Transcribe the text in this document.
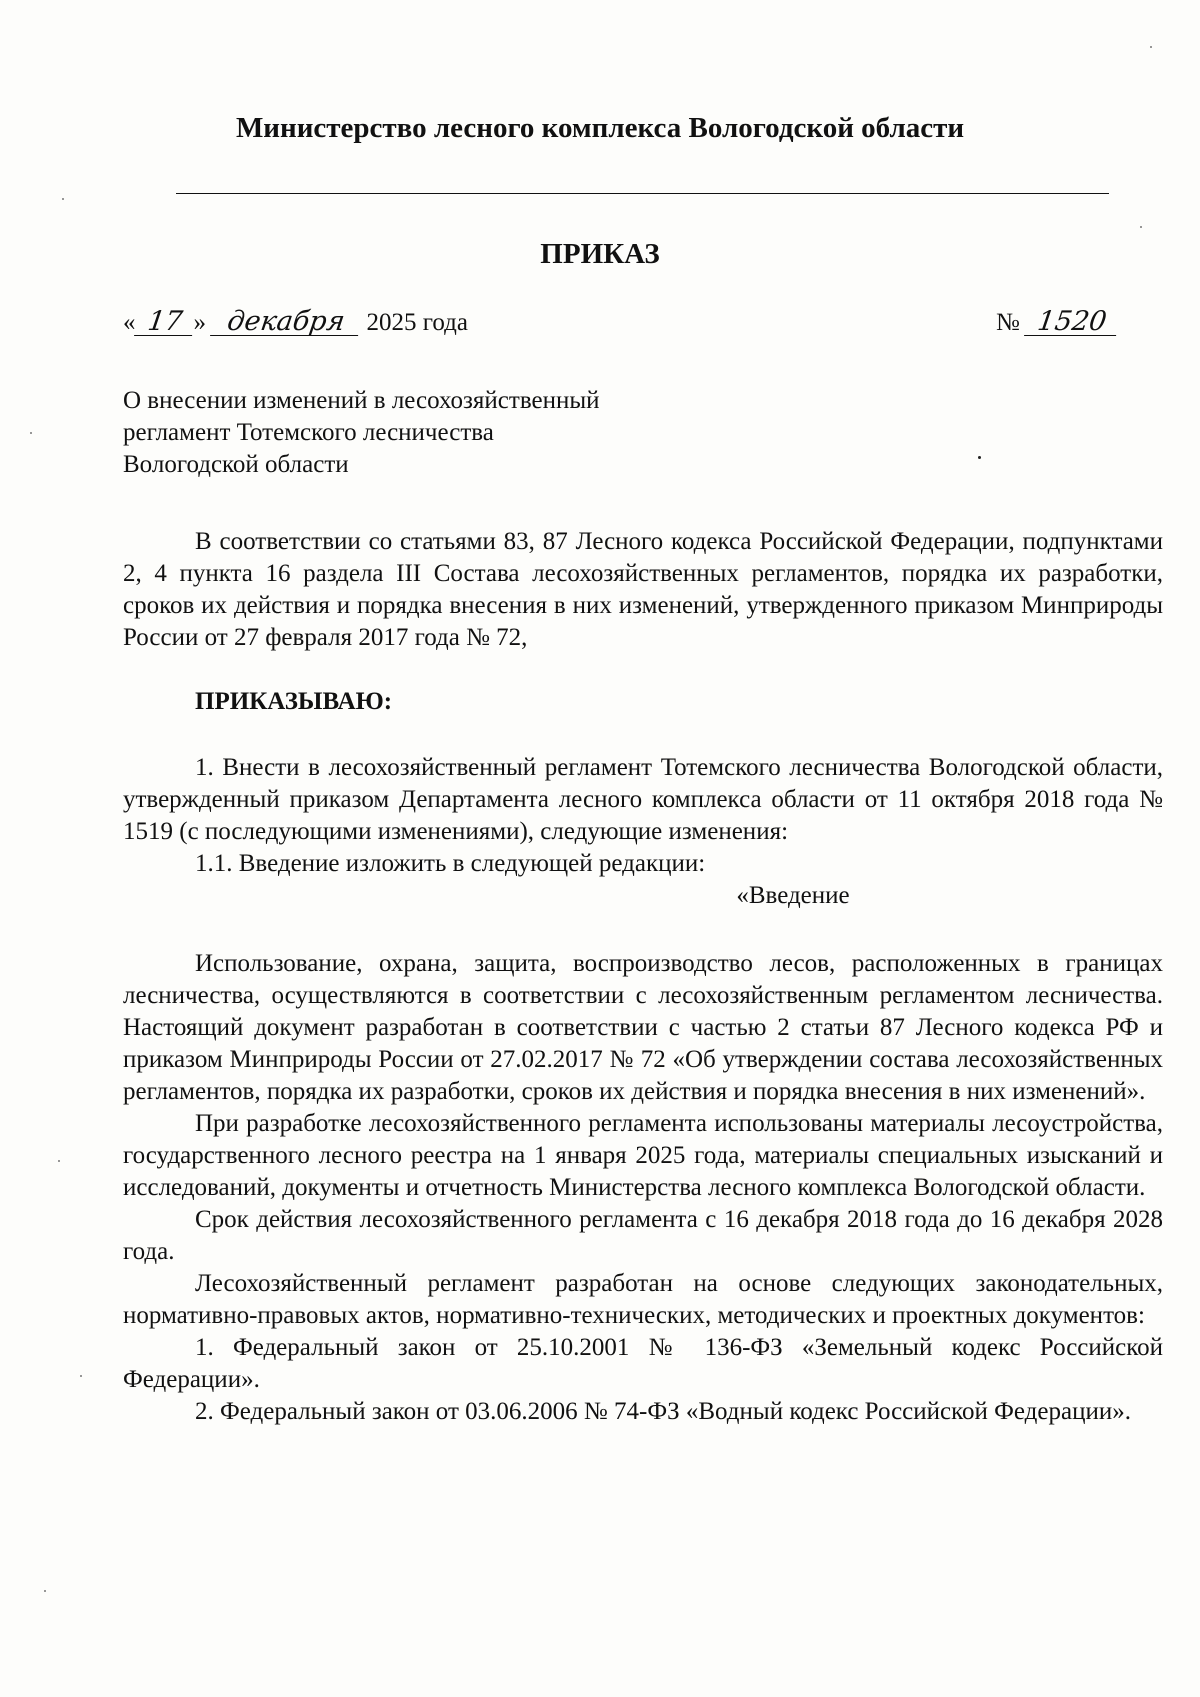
Министерство лесного комплекса Вологодской области
ПРИКАЗ
« 17 » декабря 2025 года	№ 1520
О внесении изменений в лесохозяйственный
регламент Тотемского лесничества
Вологодской области

В соответствии со статьями 83, 87 Лесного кодекса Российской Федерации, подпунктами 2, 4 пункта 16 раздела III Состава лесохозяйственных регламентов, порядка их разработки, сроков их действия и порядка внесения в них изменений, утвержденного приказом Минприроды России от 27 февраля 2017 года № 72,

ПРИКАЗЫВАЮ:

1. Внести в лесохозяйственный регламент Тотемского лесничества Вологодской области, утвержденный приказом Департамента лесного комплекса области от 11 октября 2018 года № 1519 (с последующими изменениями), следующие изменения:

1.1. Введение изложить в следующей редакции:

«Введение

Использование, охрана, защита, воспроизводство лесов, расположенных в границах лесничества, осуществляются в соответствии с лесохозяйственным регламентом лесничества. Настоящий документ разработан в соответствии с частью 2 статьи 87 Лесного кодекса РФ и приказом Минприроды России от 27.02.2017 № 72 «Об утверждении состава лесохозяйственных регламентов, порядка их разработки, сроков их действия и порядка внесения в них изменений».

При разработке лесохозяйственного регламента использованы материалы лесоустройства, государственного лесного реестра на 1 января 2025 года, материалы специальных изысканий и исследований, документы и отчетность Министерства лесного комплекса Вологодской области.

Срок действия лесохозяйственного регламента с 16 декабря 2018 года до 16 декабря 2028 года.

Лесохозяйственный регламент разработан на основе следующих законодательных, нормативно-правовых актов, нормативно-технических, методических и проектных документов:

1. Федеральный закон от 25.10.2001 № 136-ФЗ «Земельный кодекс Российской Федерации».

2. Федеральный закон от 03.06.2006 № 74-ФЗ «Водный кодекс Российской Федерации».
